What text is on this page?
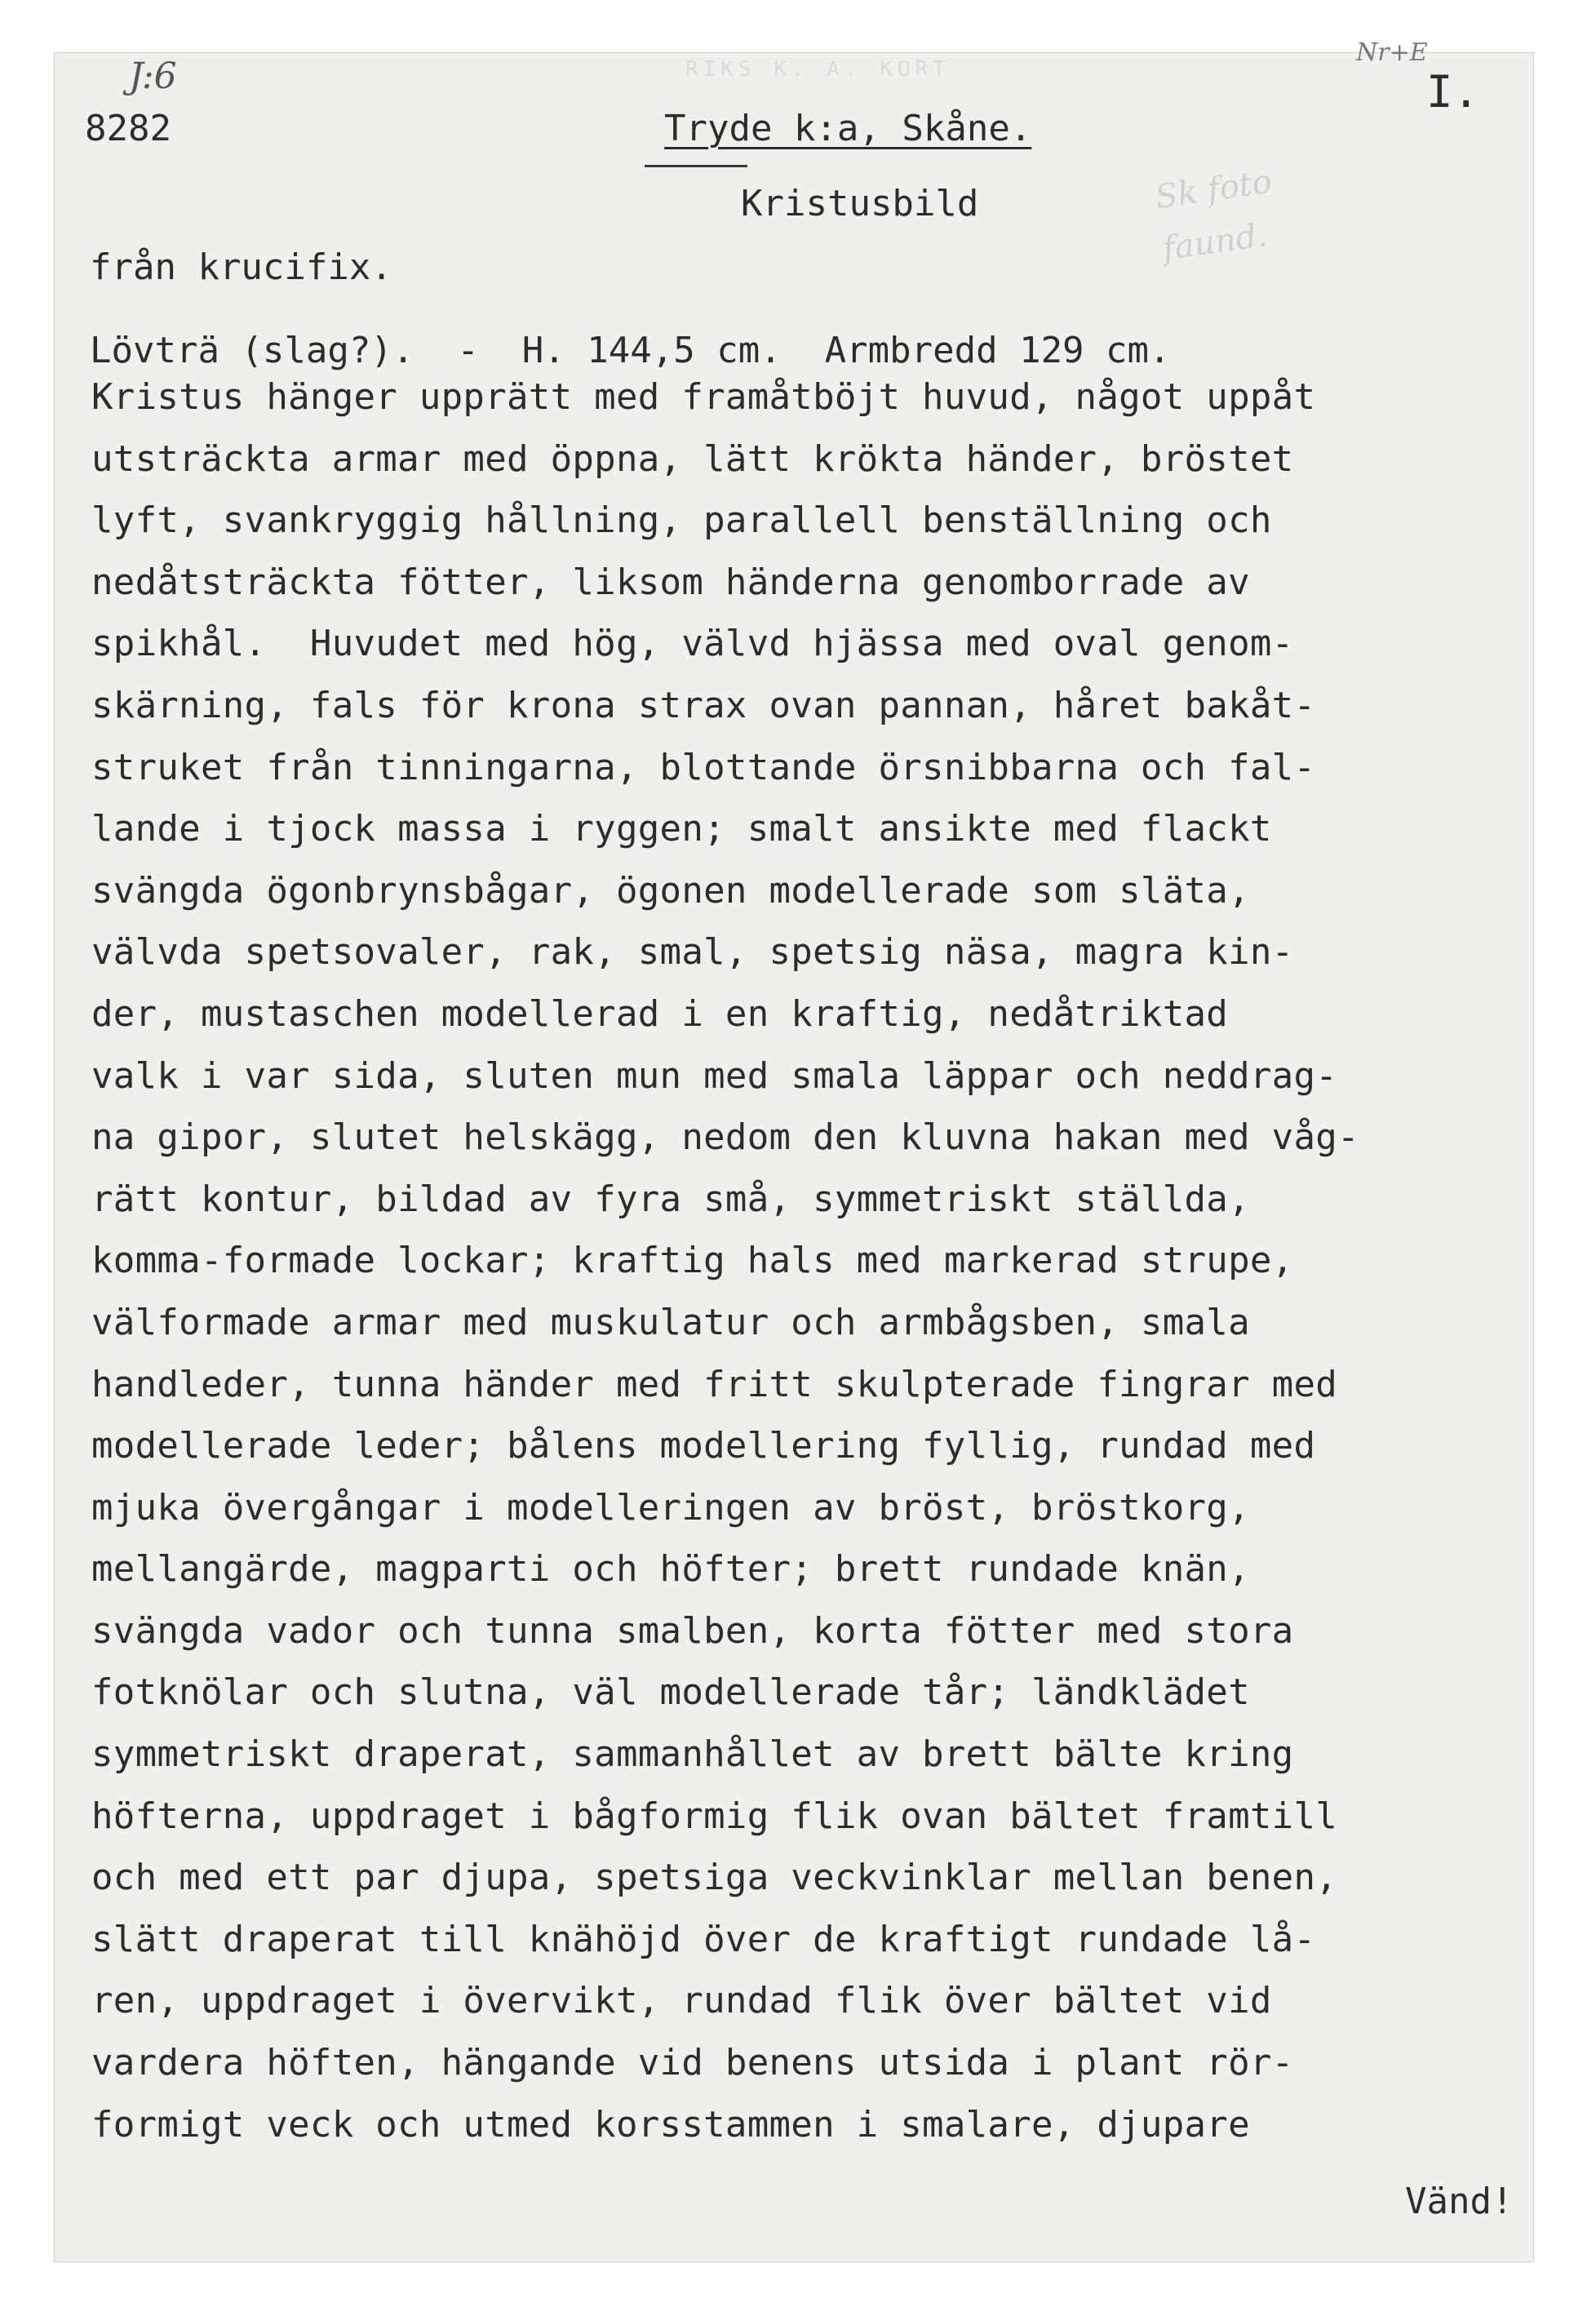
J:6
8282
RIKS K. A. KORT
Nr+E
I.
Tryde k:a, Skåne.
Kristusbild	Sk foto
faund.
från krucifix.
Lövträ (slag?).  -  H. 144,5 cm.  Armbredd 129 cm.
Kristus hänger upprätt med framåtböjt huvud, något uppåt
utsträckta armar med öppna, lätt krökta händer, bröstet
lyft, svankryggig hållning, parallell benställning och
nedåtsträckta fötter, liksom händerna genomborrade av
spikhål.  Huvudet med hög, välvd hjässa med oval genom-
skärning, fals för krona strax ovan pannan, håret bakåt-
struket från tinningarna, blottande örsnibbarna och fal-
lande i tjock massa i ryggen; smalt ansikte med flackt
svängda ögonbrynsbågar, ögonen modellerade som släta,
välvda spetsovaler, rak, smal, spetsig näsa, magra kin-
der, mustaschen modellerad i en kraftig, nedåtriktad
valk i var sida, sluten mun med smala läppar och neddrag-
na gipor, slutet helskägg, nedom den kluvna hakan med våg-
rätt kontur, bildad av fyra små, symmetriskt ställda,
komma-formade lockar; kraftig hals med markerad strupe,
välformade armar med muskulatur och armbågsben, smala
handleder, tunna händer med fritt skulpterade fingrar med
modellerade leder; bålens modellering fyllig, rundad med
mjuka övergångar i modelleringen av bröst, bröstkorg,
mellangärde, magparti och höfter; brett rundade knän,
svängda vador och tunna smalben, korta fötter med stora
fotknölar och slutna, väl modellerade tår; ländklädet
symmetriskt draperat, sammanhållet av brett bälte kring
höfterna, uppdraget i bågformig flik ovan bältet framtill
och med ett par djupa, spetsiga veckvinklar mellan benen,
slätt draperat till knähöjd över de kraftigt rundade lå-
ren, uppdraget i övervikt, rundad flik över bältet vid
vardera höften, hängande vid benens utsida i plant rör-
formigt veck och utmed korsstammen i smalare, djupare
Vänd!
